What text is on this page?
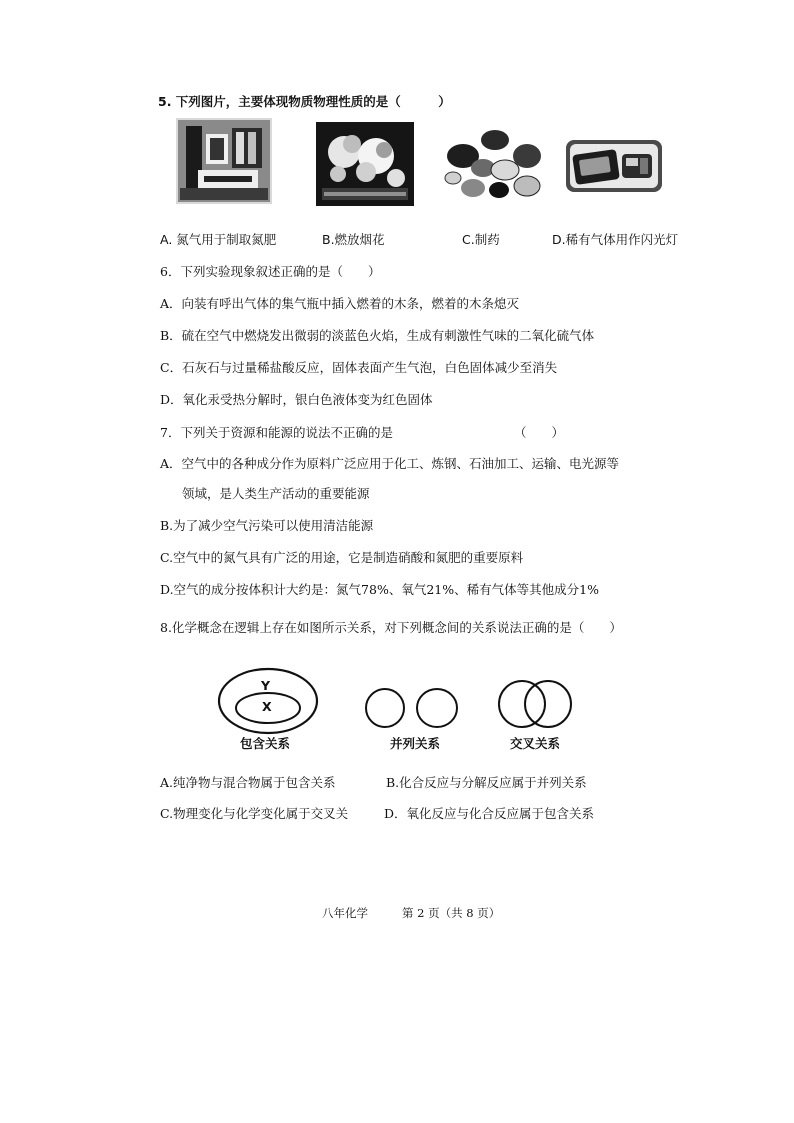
5. 下列图片，主要体现物质物理性质的是（　　　）
A. 氮气用于制取氮肥	B.燃放烟花	C.制药	D.稀有气体用作闪光灯
6．下列实验现象叙述正确的是（　　）
A．向装有呼出气体的集气瓶中插入燃着的木条，燃着的木条熄灭
B．硫在空气中燃烧发出微弱的淡蓝色火焰，生成有刺激性气味的二氧化硫气体
C．石灰石与过量稀盐酸反应，固体表面产生气泡，白色固体减少至消失
D．氧化汞受热分解时，银白色液体变为红色固体
7．下列关于资源和能源的说法不正确的是	（　　）
A．空气中的各种成分作为原料广泛应用于化工、炼钢、石油加工、运输、电光源等
领域，是人类生产活动的重要能源
B.为了减少空气污染可以使用清洁能源
C.空气中的氮气具有广泛的用途，它是制造硝酸和氮肥的重要原料
D.空气的成分按体积计大约是：氮气78%、氧气21%、稀有气体等其他成分1%
8.化学概念在逻辑上存在如图所示关系，对下列概念间的关系说法正确的是（　　）
Y
X
包含关系	并列关系	交叉关系
A.纯净物与混合物属于包含关系	B.化合反应与分解反应属于并列关系
C.物理变化与化学变化属于交叉关	D．氧化反应与化合反应属于包含关系
八年化学	第 2 页（共 8 页）
